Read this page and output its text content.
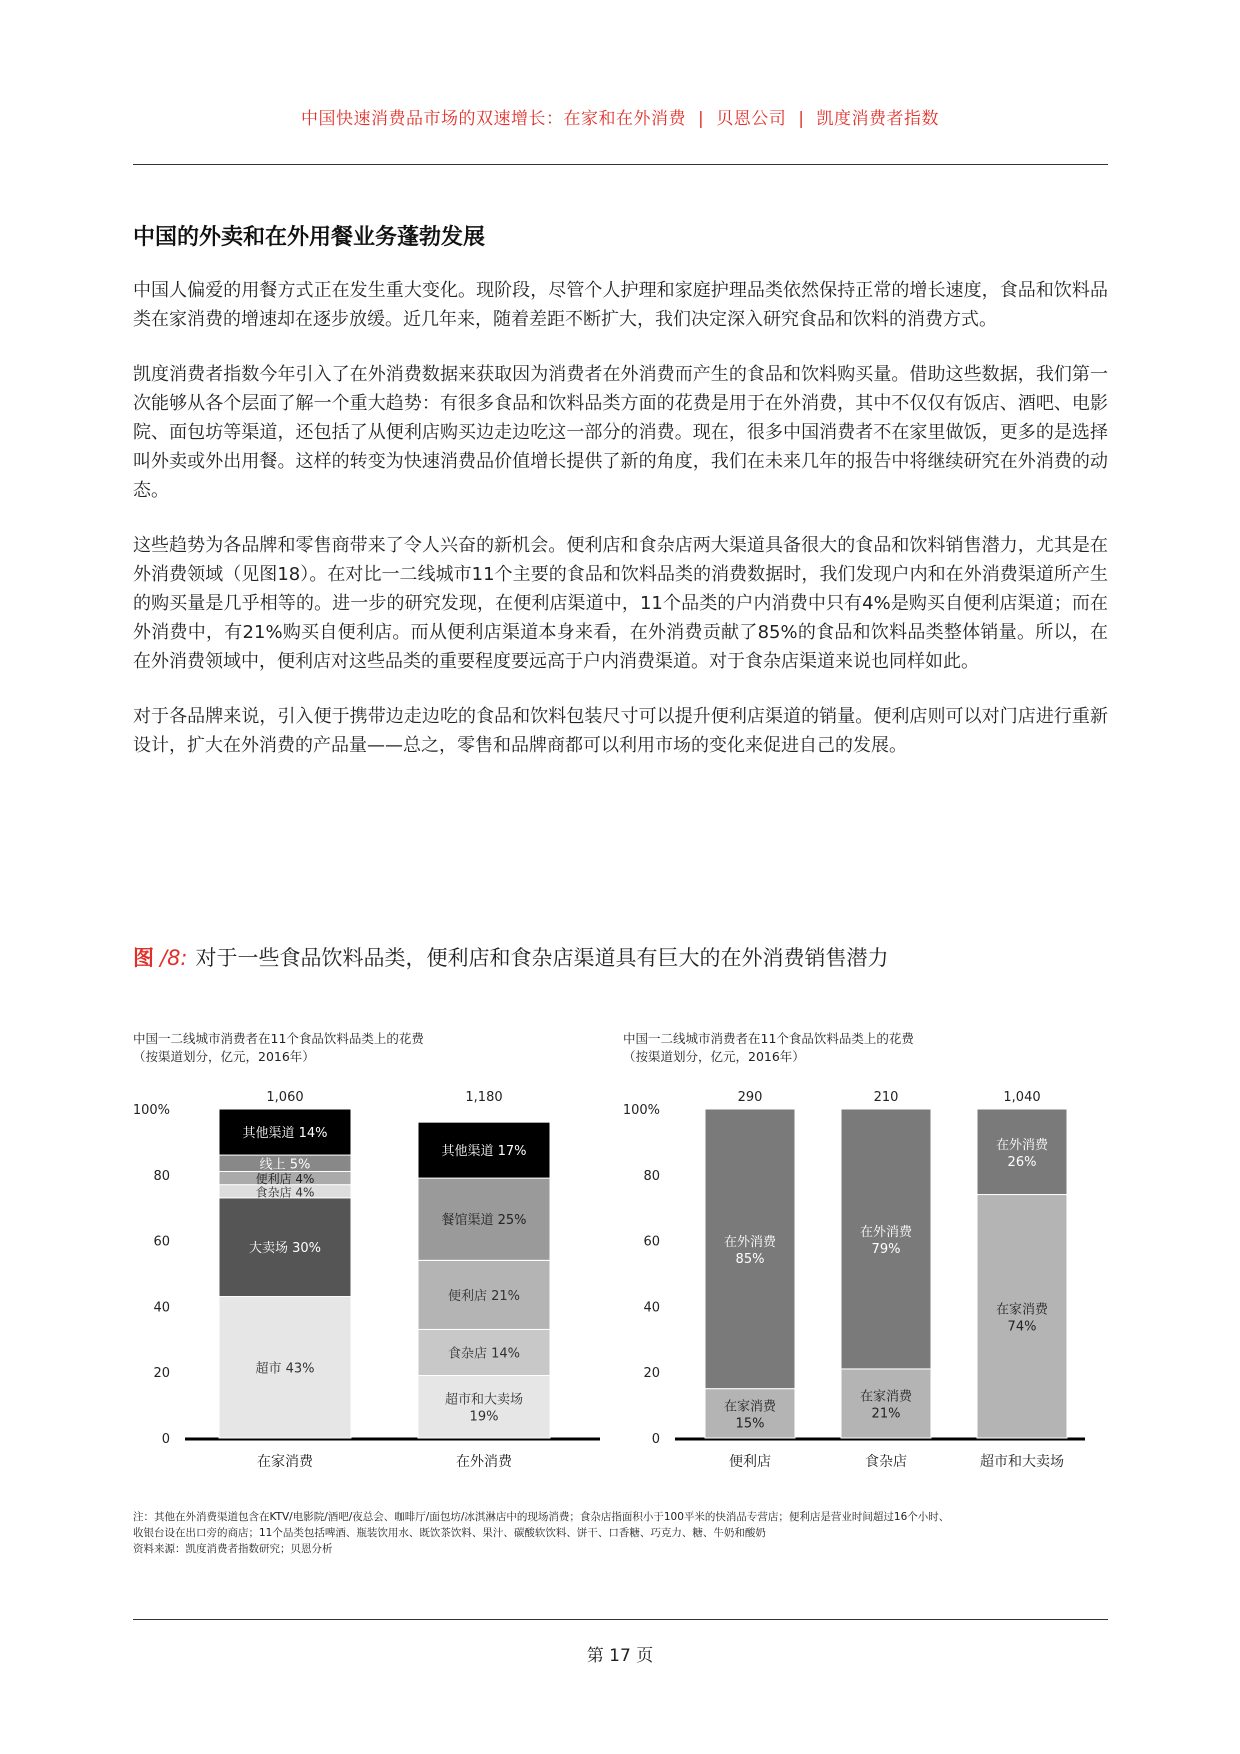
中国快速消费品市场的双速增长：在家和在外消费 | 贝恩公司 | 凯度消费者指数
中国的外卖和在外用餐业务蓬勃发展

中国人偏爱的用餐方式正在发生重大变化。现阶段，尽管个人护理和家庭护理品类依然保持正常的增长速度，食品和饮料品类在家消费的增速却在逐步放缓。近几年来，随着差距不断扩大，我们决定深入研究食品和饮料的消费方式。

凯度消费者指数今年引入了在外消费数据来获取因为消费者在外消费而产生的食品和饮料购买量。借助这些数据，我们第一次能够从各个层面了解一个重大趋势：有很多食品和饮料品类方面的花费是用于在外消费，其中不仅仅有饭店、酒吧、电影院、面包坊等渠道，还包括了从便利店购买边走边吃这一部分的消费。现在，很多中国消费者不在家里做饭，更多的是选择叫外卖或外出用餐。这样的转变为快速消费品价值增长提供了新的角度，我们在未来几年的报告中将继续研究在外消费的动态。

这些趋势为各品牌和零售商带来了令人兴奋的新机会。便利店和食杂店两大渠道具备很大的食品和饮料销售潜力，尤其是在外消费领域（见图18）。在对比一二线城市11个主要的食品和饮料品类的消费数据时，我们发现户内和在外消费渠道所产生的购买量是几乎相等的。进一步的研究发现，在便利店渠道中，11个品类的户内消费中只有4%是购买自便利店渠道；而在外消费中，有21%购买自便利店。而从便利店渠道本身来看，在外消费贡献了85%的食品和饮料品类整体销量。所以，在在外消费领域中，便利店对这些品类的重要程度要远高于户内消费渠道。对于食杂店渠道来说也同样如此。

对于各品牌来说，引入便于携带边走边吃的食品和饮料包装尺寸可以提升便利店渠道的销量。便利店则可以对门店进行重新设计，扩大在外消费的产品量——总之，零售和品牌商都可以利用市场的变化来促进自己的发展。

图 /8: 对于一些食品饮料品类，便利店和食杂店渠道具有巨大的在外消费销售潜力
中国一二线城市消费者在11个食品饮料品类上的花费
（按渠道划分，亿元，2016年）
中国一二线城市消费者在11个食品饮料品类上的花费
（按渠道划分，亿元，2016年）
100%
80
60
40
20
0
超市 43%
大卖场 30%
食杂店 4%
便利店 4%
线上 5%
其他渠道 14%
1,060
在家消费
超市和大卖场
19%
食杂店 14%
便利店 21%
餐馆渠道 25%
其他渠道 17%
1,180
在外消费
100%
80
60
40
20
0
在家消费
15%
在外消费
85%
290
便利店
在家消费
21%
在外消费
79%
210
食杂店
在家消费
74%
在外消费
26%
1,040
超市和大卖场
注：其他在外消费渠道包含在KTV/电影院/酒吧/夜总会、咖啡厅/面包坊/冰淇淋店中的现场消费；食杂店指面积小于100平米的快消品专营店；便利店是营业时间超过16个小时、
收银台设在出口旁的商店；11个品类包括啤酒、瓶装饮用水、既饮茶饮料、果汁、碳酸软饮料、饼干、口香糖、巧克力、糖、牛奶和酸奶
资料来源：凯度消费者指数研究；贝恩分析
第 17 页
